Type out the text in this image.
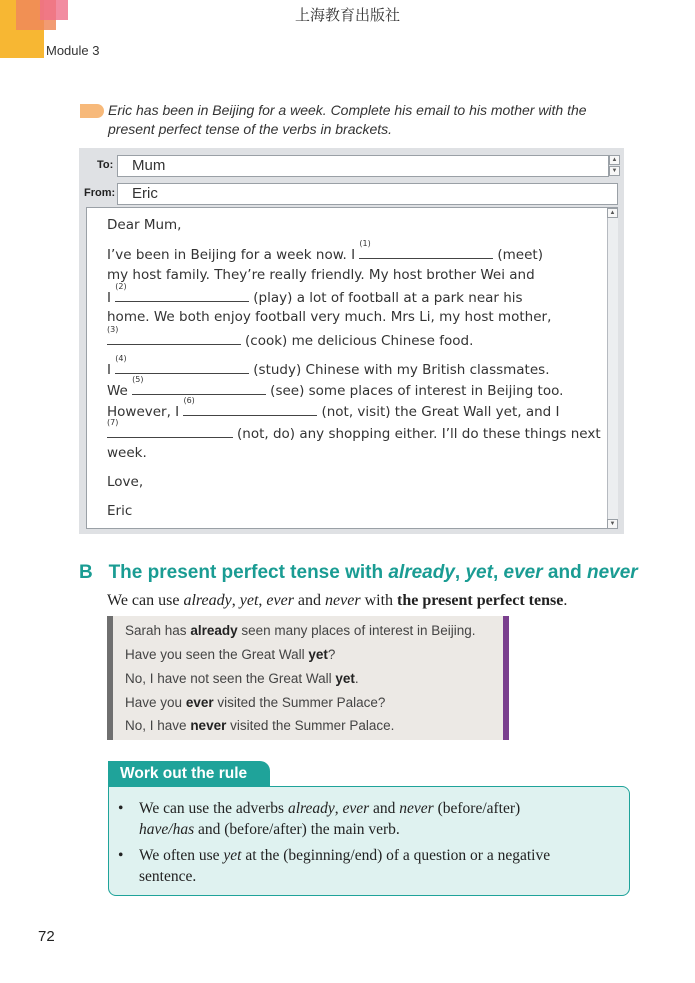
上海教育出版社
Module 3
Eric has been in Beijing for a week. Complete his email to his mother with the
present perfect tense of the verbs in brackets.
To:	Mum	▲
▼
From:	Eric
▲
▼
Dear Mum,
I’ve been in Beijing for a week now. I
(1)
(meet)
my host family. They’re really friendly. My host brother Wei and
I
(2)
(play) a lot of football at a park near his
home. We both enjoy football very much. Mrs Li, my host mother,
(3)
(cook) me delicious Chinese food.
I
(4)
(study) Chinese with my British classmates.
We
(5)
(see) some places of interest in Beijing too.
However, I
(6)
(not, visit) the Great Wall yet, and I
(7)
(not, do) any shopping either. I’ll do these things next
week.
Love,
Eric
B The present perfect tense with already, yet, ever and never
We can use already, yet, ever and never with the present perfect tense.
Sarah has already seen many places of interest in Beijing.
Have you seen the Great Wall yet?
No, I have not seen the Great Wall yet.
Have you ever visited the Summer Palace?
No, I have never visited the Summer Palace.
Work out the rule
• We can use the adverbs already, ever and never (before/after)
have/has and (before/after) the main verb.
• We often use yet at the (beginning/end) of a question or a negative
sentence.
72
